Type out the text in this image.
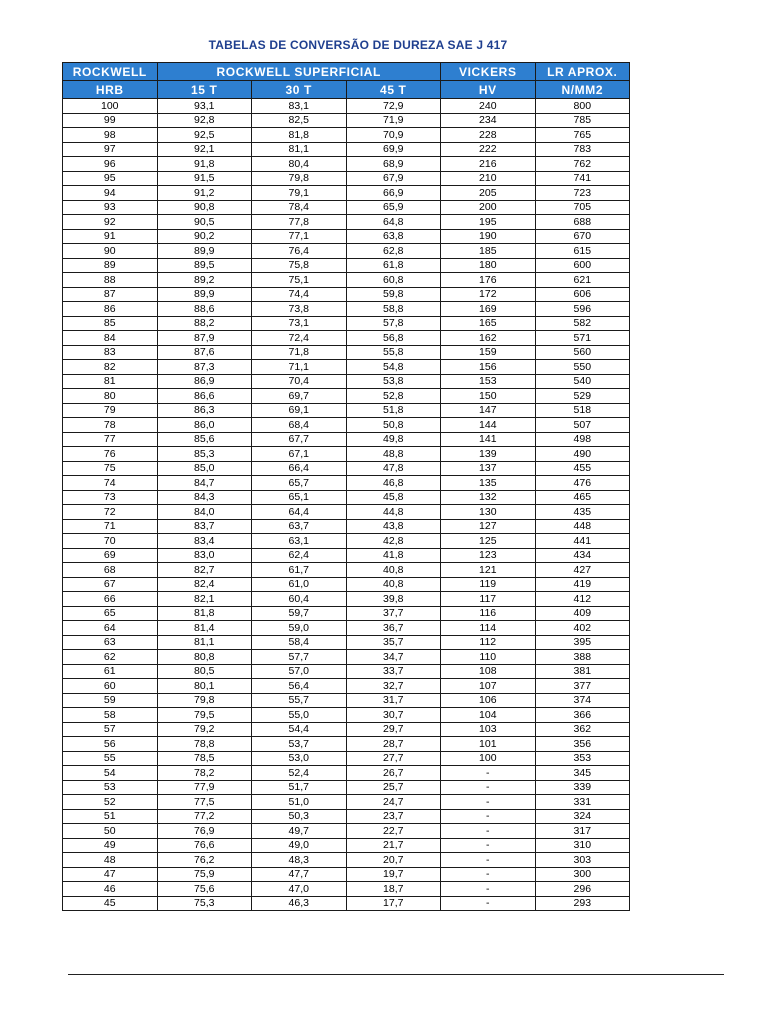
TABELAS DE CONVERSÃO DE DUREZA SAE J 417
ROCKWELL	ROCKWELL SUPERFICIAL			VICKERS	LR APROX.
HRB	15 T	30 T	45 T	HV	N/MM2
100	93,1	83,1	72,9	240	800
99	92,8	82,5	71,9	234	785
98	92,5	81,8	70,9	228	765
97	92,1	81,1	69,9	222	783
96	91,8	80,4	68,9	216	762
95	91,5	79,8	67,9	210	741
94	91,2	79,1	66,9	205	723
93	90,8	78,4	65,9	200	705
92	90,5	77,8	64,8	195	688
91	90,2	77,1	63,8	190	670
90	89,9	76,4	62,8	185	615
89	89,5	75,8	61,8	180	600
88	89,2	75,1	60,8	176	621
87	89,9	74,4	59,8	172	606
86	88,6	73,8	58,8	169	596
85	88,2	73,1	57,8	165	582
84	87,9	72,4	56,8	162	571
83	87,6	71,8	55,8	159	560
82	87,3	71,1	54,8	156	550
81	86,9	70,4	53,8	153	540
80	86,6	69,7	52,8	150	529
79	86,3	69,1	51,8	147	518
78	86,0	68,4	50,8	144	507
77	85,6	67,7	49,8	141	498
76	85,3	67,1	48,8	139	490
75	85,0	66,4	47,8	137	455
74	84,7	65,7	46,8	135	476
73	84,3	65,1	45,8	132	465
72	84,0	64,4	44,8	130	435
71	83,7	63,7	43,8	127	448
70	83,4	63,1	42,8	125	441
69	83,0	62,4	41,8	123	434
68	82,7	61,7	40,8	121	427
67	82,4	61,0	40,8	119	419
66	82,1	60,4	39,8	117	412
65	81,8	59,7	37,7	116	409
64	81,4	59,0	36,7	114	402
63	81,1	58,4	35,7	112	395
62	80,8	57,7	34,7	110	388
61	80,5	57,0	33,7	108	381
60	80,1	56,4	32,7	107	377
59	79,8	55,7	31,7	106	374
58	79,5	55,0	30,7	104	366
57	79,2	54,4	29,7	103	362
56	78,8	53,7	28,7	101	356
55	78,5	53,0	27,7	100	353
54	78,2	52,4	26,7	-	345
53	77,9	51,7	25,7	-	339
52	77,5	51,0	24,7	-	331
51	77,2	50,3	23,7	-	324
50	76,9	49,7	22,7	-	317
49	76,6	49,0	21,7	-	310
48	76,2	48,3	20,7	-	303
47	75,9	47,7	19,7	-	300
46	75,6	47,0	18,7	-	296
45	75,3	46,3	17,7	-	293
